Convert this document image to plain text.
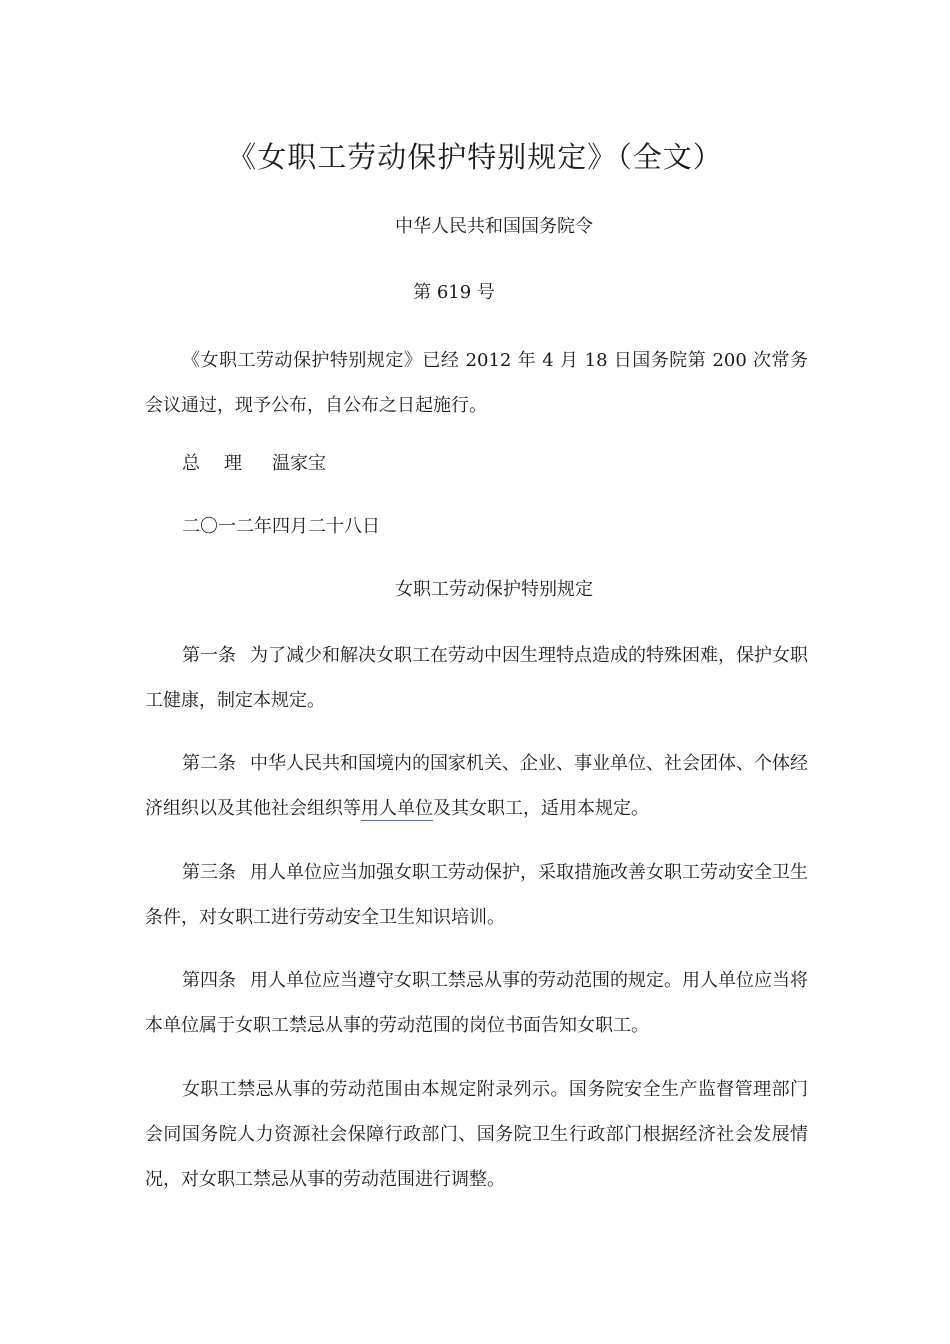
《女职工劳动保护特别规定》（全文）

中华人民共和国国务院令

第 619 号

《女职工劳动保护特别规定》已经 2012 年 4 月 18 日国务院第 200 次常务会议通过，现予公布，自公布之日起施行。

总理 温家宝

二〇一二年四月二十八日

女职工劳动保护特别规定

第一条 为了减少和解决女职工在劳动中因生理特点造成的特殊困难，保护女职工健康，制定本规定。

第二条 中华人民共和国境内的国家机关、企业、事业单位、社会团体、个体经济组织以及其他社会组织等用人单位及其女职工，适用本规定。

第三条 用人单位应当加强女职工劳动保护，采取措施改善女职工劳动安全卫生条件，对女职工进行劳动安全卫生知识培训。

第四条 用人单位应当遵守女职工禁忌从事的劳动范围的规定。用人单位应当将本单位属于女职工禁忌从事的劳动范围的岗位书面告知女职工。

女职工禁忌从事的劳动范围由本规定附录列示。国务院安全生产监督管理部门会同国务院人力资源社会保障行政部门、国务院卫生行政部门根据经济社会发展情况，对女职工禁忌从事的劳动范围进行调整。
